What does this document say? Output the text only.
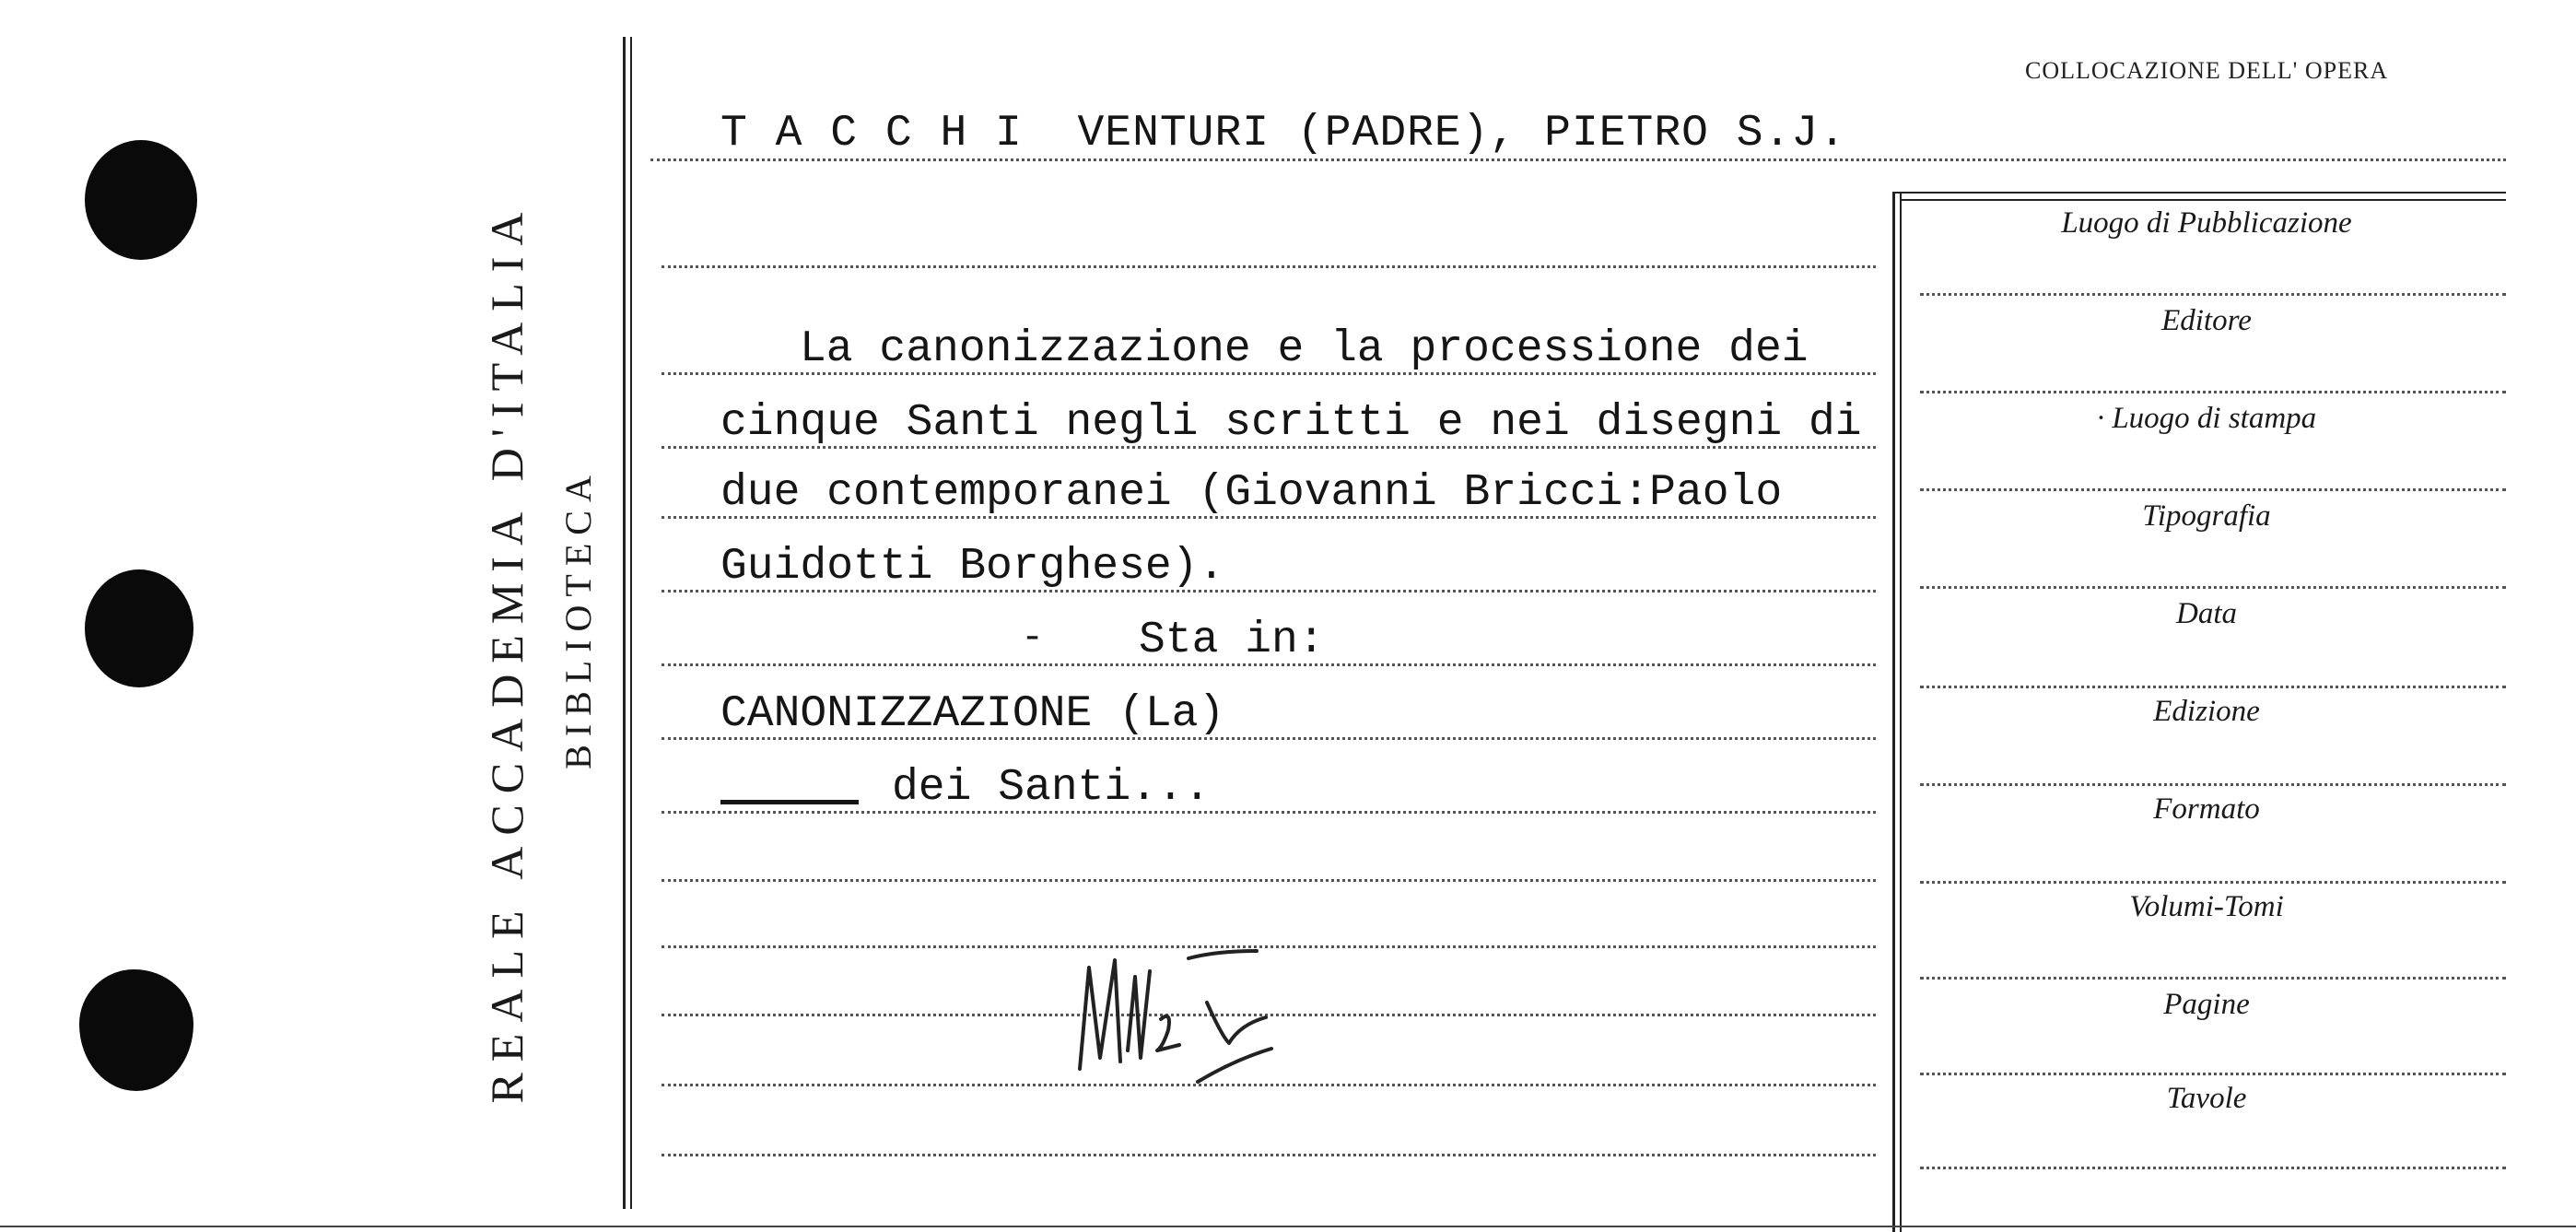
REALE ACCADEMIA D'ITALIA BIBLIOTECA
COLLOCAZIONE DELL' OPERA
Luogo di Pubblicazione
Editore
· Luogo di stampa
Tipografia
Data
Edizione
Formato
Volumi-Tomi
Pagine
Tavole
T A C C H I  VENTURI (PADRE), PIETRO S.J.
La canonizzazione e la processione dei
cinque Santi negli scritti e nei disegni di
due contemporanei (Giovanni Bricci:Paolo
Guidotti Borghese).
- Sta in:
CANONIZZAZIONE (La)
dei Santi...
